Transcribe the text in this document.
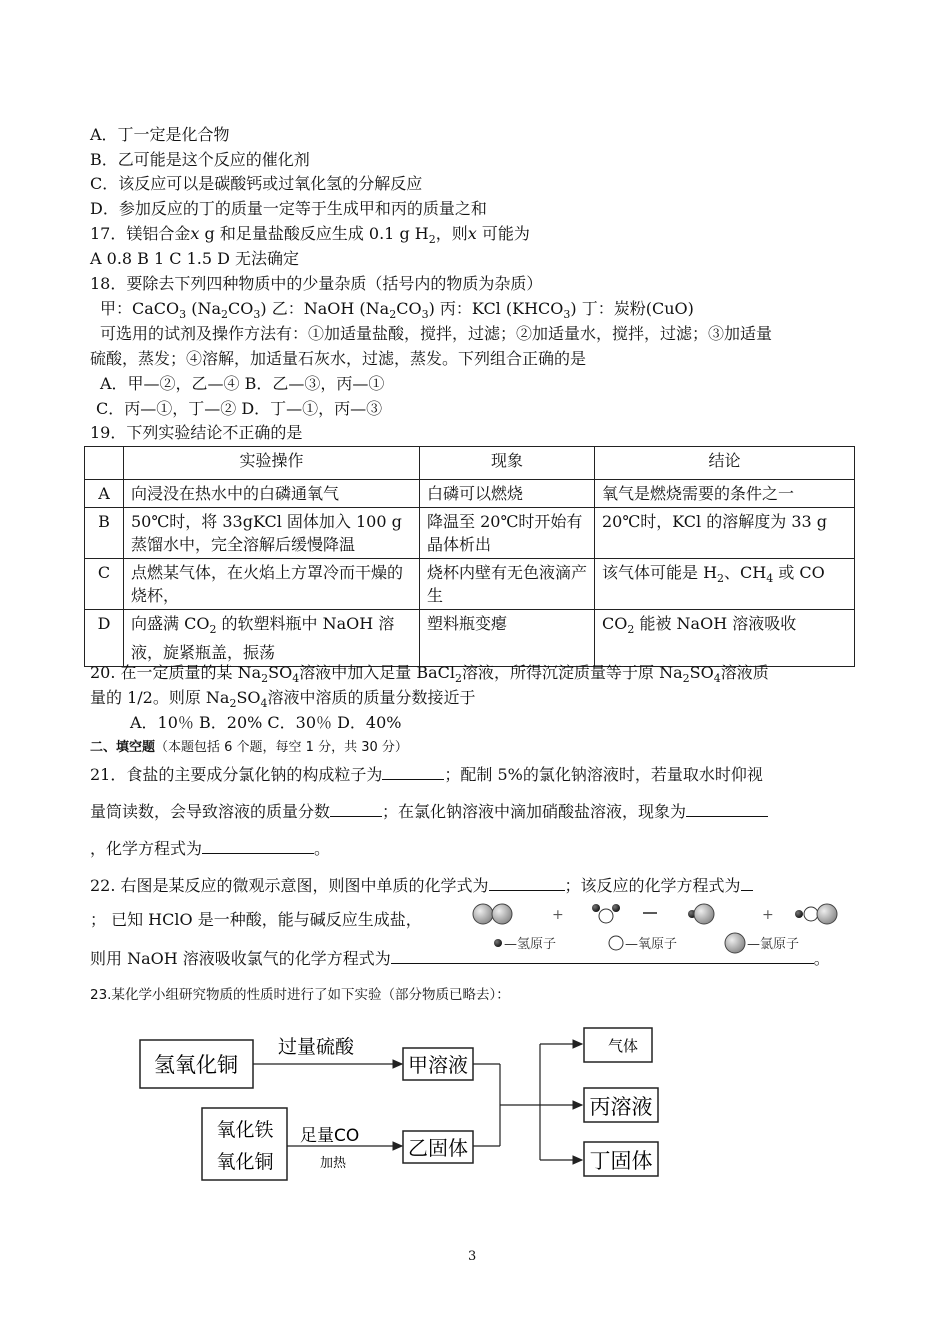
A．丁一定是化合物
B．乙可能是这个反应的催化剂
C．该反应可以是碳酸钙或过氧化氢的分解反应
D．参加反应的丁的质量一定等于生成甲和丙的质量之和
17．镁铝合金x g 和足量盐酸反应生成 0.1 g $H_2$，则x 可能为
A 0.8 B 1 C 1.5 D 无法确定
18．要除去下列四种物质中的少量杂质（括号内的物质为杂质）
甲：CaCO$_3$ $(Na_2CO_3)$ 乙：NaOH $(Na_2CO_3)$ 丙：KCl $(KHCO_3)$ 丁：炭粉(CuO)
可选用的试剂及操作方法有：①加适量盐酸，搅拌，过滤；②加适量水，搅拌，过滤；③加适量
硫酸，蒸发；④溶解，加适量石灰水，过滤，蒸发。下列组合正确的是
A．甲—②，乙—④ B．乙—③，丙—①
C．丙—①，丁—② D．丁—①，丙—③
19．下列实验结论不正确的是
	实验操作	现象	结论
A	向浸没在热水中的白磷通氧气	白磷可以燃烧	氧气是燃烧需要的条件之一
B	50℃时，将 33gKCl 固体加入 100 g 蒸馏水中，完全溶解后缓慢降温	降温至 20℃时开始有晶体析出	20℃时，KCl 的溶解度为 33 g
C	点燃某气体，在火焰上方罩冷而干燥的烧杯，	烧杯内壁有无色液滴产生	该气体可能是 $H_2$、$CH_4$ 或 CO
D	向盛满 $CO_2$ 的软塑料瓶中 NaOH 溶液，旋紧瓶盖，振荡	塑料瓶变瘪	$CO_2$ 能被 NaOH 溶液吸收
20. 在一定质量的某 $Na_2SO_4$溶液中加入足量 BaCl$_2$溶液，所得沉淀质量等于原 $Na_2SO_4$溶液质
量的 1/2。则原 $Na_2SO_4$溶液中溶质的质量分数接近于
A．10％ B．20% C．30％ D．40%
二、填空题（本题包括 6 个题，每空 1 分，共 30 分）
21．食盐的主要成分氯化钠的构成粒子为	；配制 5%的氯化钠溶液时，若量取水时仰视
量筒读数，会导致溶液的质量分数	；在氯化钠溶液中滴加硝酸盐溶液，现象为
，化学方程式为	。
22. 右图是某反应的微观示意图，则图中单质的化学式为	；该反应的化学方程式为
； 已知 HClO 是一种酸，能与碱反应生成盐，
则用 NaOH 溶液吸收氯气的化学方程式为	。
+	+
—氢原子	—氧原子	—氯原子
23.某化学小组研究物质的性质时进行了如下实验（部分物质已略去）：
氢氧化铜
过量硫酸
甲溶液
氧化铁
氧化铜
足量CO
加热
乙固体
气体
丙溶液
丁固体
3
